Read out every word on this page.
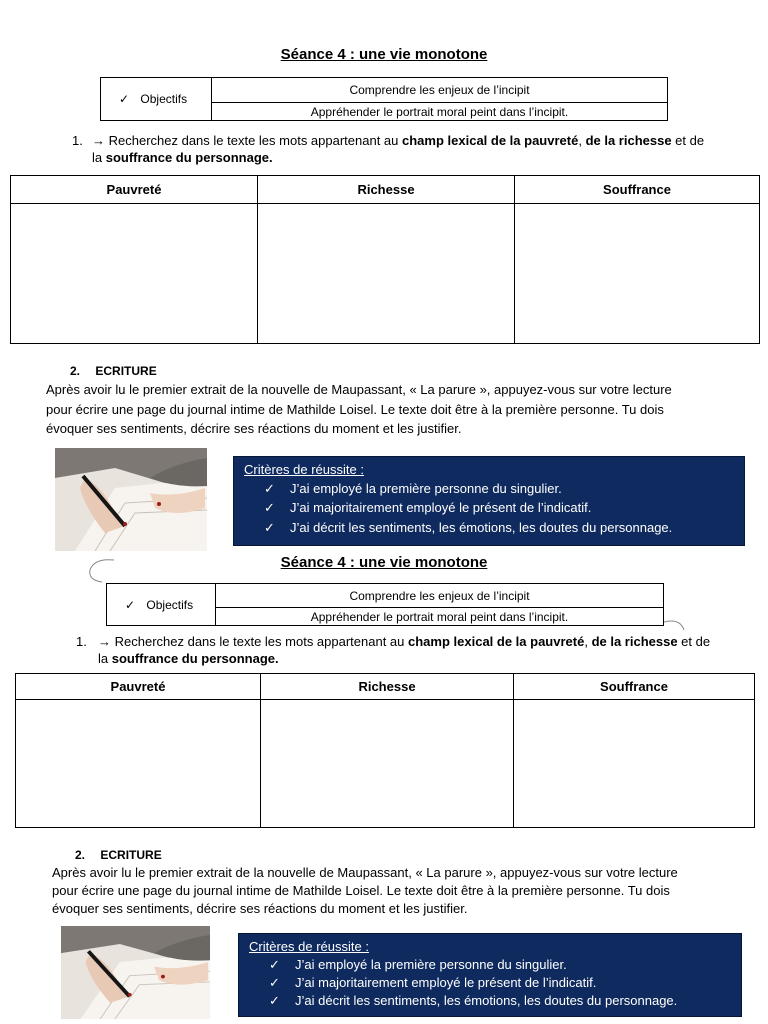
Séance 4 : une vie monotone
✓ Objectifs	Comprendre les enjeux de l’incipit
Appréhender le portrait moral peint dans l’incipit.
1. → Recherchez dans le texte les mots appartenant au champ lexical de la pauvreté, de la richesse et de la souffrance du personnage.
Pauvreté	Richesse	Souffrance

2. ECRITURE
Après avoir lu le premier extrait de la nouvelle de Maupassant, « La parure », appuyez-vous sur votre lecture
pour écrire une page du journal intime de Mathilde Loisel. Le texte doit être à la première personne. Tu dois
évoquer ses sentiments, décrire ses réactions du moment et les justifier.
Critères de réussite :
✓ J’ai employé la première personne du singulier.
✓ J’ai majoritairement employé le présent de l’indicatif.
✓ J’ai décrit les sentiments, les émotions, les doutes du personnage.
Séance 4 : une vie monotone
✓ Objectifs	Comprendre les enjeux de l’incipit
Appréhender le portrait moral peint dans l’incipit.
1. → Recherchez dans le texte les mots appartenant au champ lexical de la pauvreté, de la richesse et de la souffrance du personnage.
Pauvreté	Richesse	Souffrance

2. ECRITURE
Après avoir lu le premier extrait de la nouvelle de Maupassant, « La parure », appuyez-vous sur votre lecture
pour écrire une page du journal intime de Mathilde Loisel. Le texte doit être à la première personne. Tu dois
évoquer ses sentiments, décrire ses réactions du moment et les justifier.
Critères de réussite :
✓ J’ai employé la première personne du singulier.
✓ J’ai majoritairement employé le présent de l’indicatif.
✓ J’ai décrit les sentiments, les émotions, les doutes du personnage.
